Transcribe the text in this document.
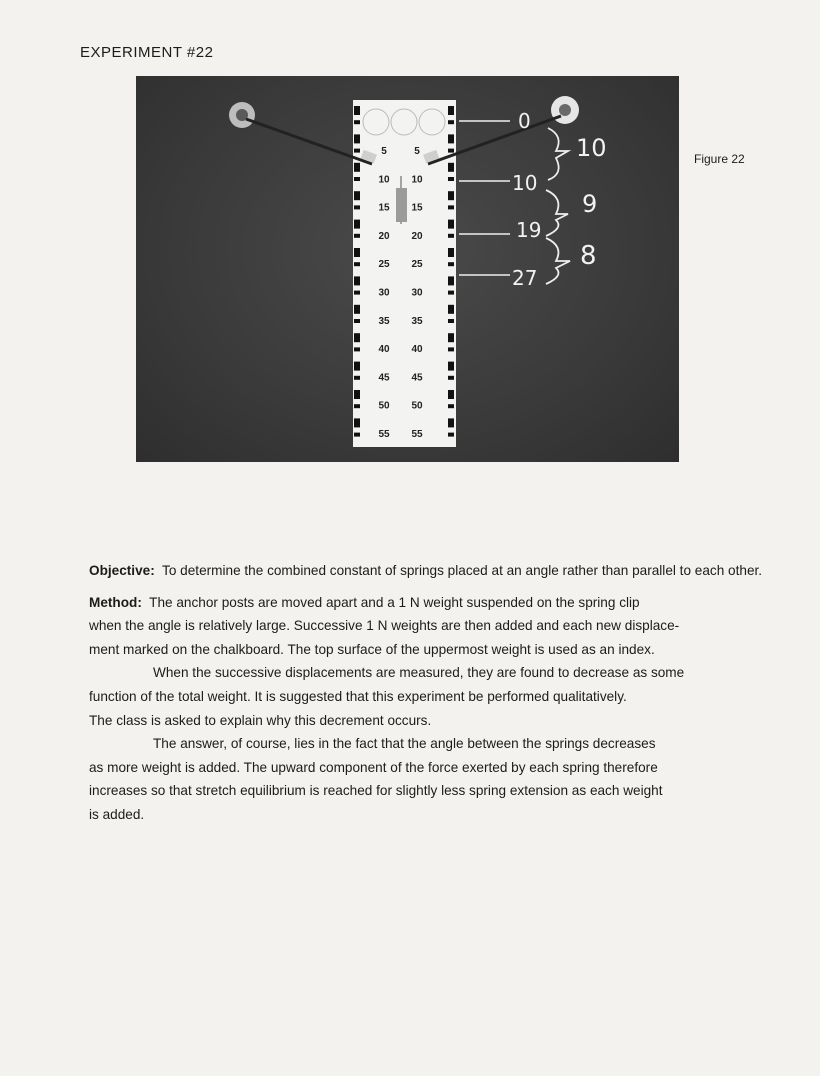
EXPERIMENT #22
5
10
15
20
25
30
35
40
45
50
55
5
10
15
20
25
30
35
40
45
50
55
0
10
19
27
10
9
8
Figure 22

Objective: To determine the combined constant of springs placed at an angle rather than parallel to each other.

Method: The anchor posts are moved apart and a 1 N weight suspended on the spring clip
when the angle is relatively large. Successive 1 N weights are then added and each new displace-
ment marked on the chalkboard. The top surface of the uppermost weight is used as an index.

When the successive displacements are measured, they are found to decrease as some

function of the total weight. It is suggested that this experiment be performed qualitatively.
The class is asked to explain why this decrement occurs.

The answer, of course, lies in the fact that the angle between the springs decreases

as more weight is added. The upward component of the force exerted by each spring therefore
increases so that stretch equilibrium is reached for slightly less spring extension as each weight
is added.
